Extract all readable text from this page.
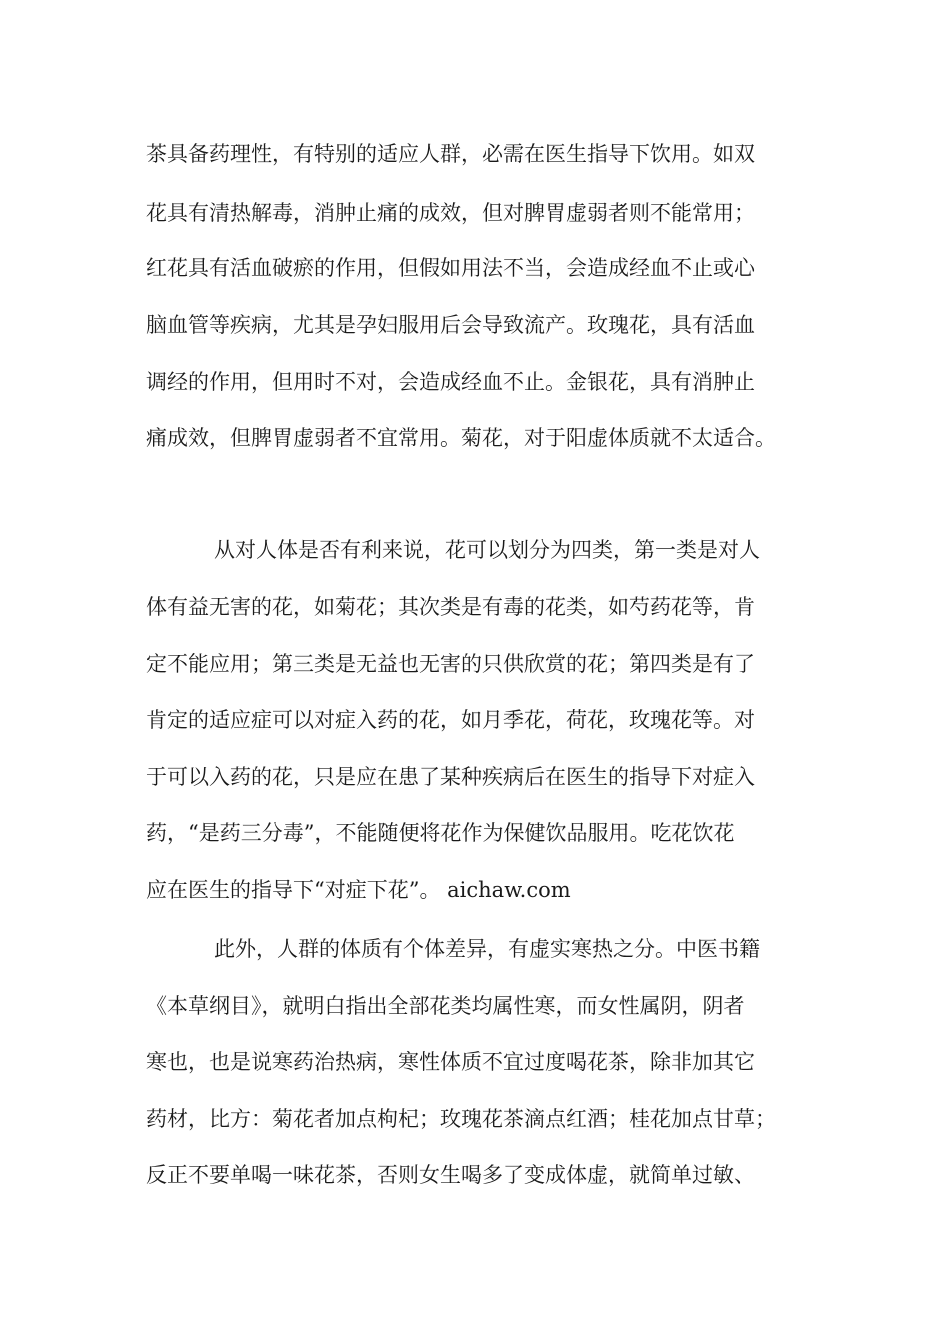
茶具备药理性，有特别的适应人群，必需在医生指导下饮用。如双
花具有清热解毒，消肿止痛的成效，但对脾胃虚弱者则不能常用；
红花具有活血破瘀的作用，但假如用法不当，会造成经血不止或心
脑血管等疾病，尤其是孕妇服用后会导致流产。玫瑰花，具有活血
调经的作用，但用时不对，会造成经血不止。金银花，具有消肿止
痛成效，但脾胃虚弱者不宜常用。菊花，对于阳虚体质就不太适合。
从对人体是否有利来说，花可以划分为四类，第一类是对人
体有益无害的花，如菊花；其次类是有毒的花类，如芍药花等，肯
定不能应用；第三类是无益也无害的只供欣赏的花；第四类是有了
肯定的适应症可以对症入药的花，如月季花，荷花，玫瑰花等。对
于可以入药的花，只是应在患了某种疾病后在医生的指导下对症入
药，“是药三分毒”，不能随便将花作为保健饮品服用。吃花饮花
应在医生的指导下“对症下花”。 aichaw.com
此外，人群的体质有个体差异，有虚实寒热之分。中医书籍
《本草纲目》，就明白指出全部花类均属性寒，而女性属阴，阴者
寒也，也是说寒药治热病，寒性体质不宜过度喝花茶，除非加其它
药材，比方：菊花者加点枸杞；玫瑰花茶滴点红酒；桂花加点甘草；
反正不要单喝一味花茶，否则女生喝多了变成体虚，就简单过敏、
